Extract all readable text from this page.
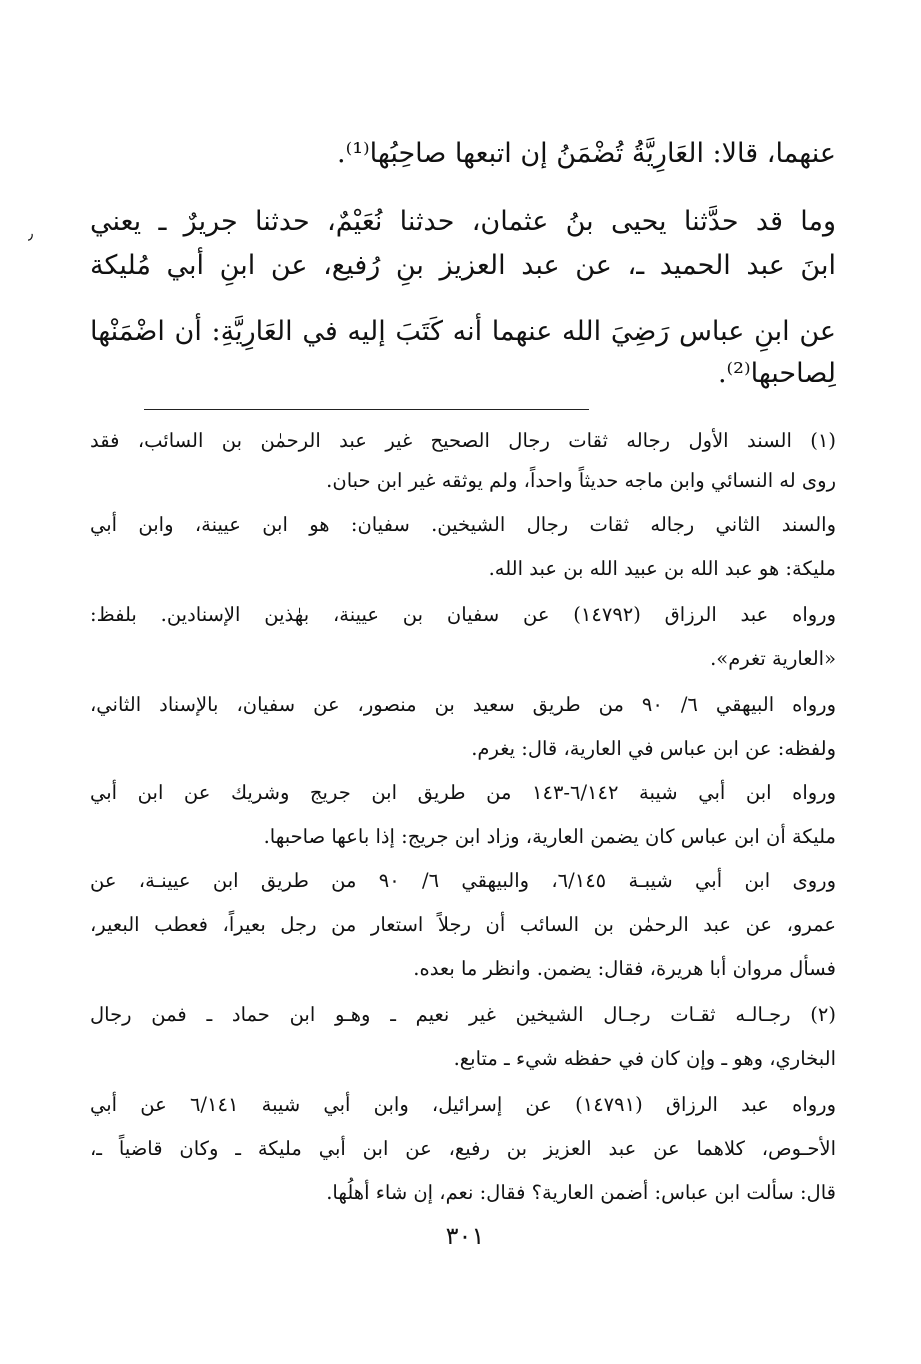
عنهما، قالا: العَارِيَّةُ تُضْمَنُ إن اتبعها صاحِبُها⁽¹⁾.
وما قد حدَّثنا يحيى بنُ عثمان، حدثنا نُعَيْمٌ، حدثنا جريرٌ ـ يعني
ابنَ عبد الحميد ـ، عن عبد العزيز بنِ رُفيع، عن ابنِ أبي مُليكة
عن ابنِ عباس رَضِيَ الله عنهما أنه كَتَبَ إليه في العَارِيَّةِ: أن اضْمَنْها
لِصاحبها⁽²⁾.
٫
(١) السند الأول رجاله ثقات رجال الصحيح غير عبد الرحمٰن بن السائب، فقد
روى له النسائي وابن ماجه حديثاً واحداً، ولم يوثقه غير ابن حبان.
والسند الثاني رجاله ثقات رجال الشيخين. سفيان: هو ابن عيينة، وابن أبي
مليكة: هو عبد الله بن عبيد الله بن عبد الله.
ورواه عبد الرزاق (١٤٧٩٢) عن سفيان بن عيينة، بهٰذين الإسنادين. بلفظ:
«العارية تغرم».
ورواه البيهقي ٦/ ٩٠ من طريق سعيد بن منصور، عن سفيان، بالإسناد الثاني،
ولفظه: عن ابن عباس في العارية، قال: يغرم.
ورواه ابن أبي شيبة ٦/١٤٢-١٤٣ من طريق ابن جريج وشريك عن ابن أبي
مليكة أن ابن عباس كان يضمن العارية، وزاد ابن جريج: إذا باعها صاحبها.
وروى ابن أبي شيبـة ٦/١٤٥، والبيهقي ٦/ ٩٠ من طريق ابن عيينـة، عن
عمرو، عن عبد الرحمٰن بن السائب أن رجلاً استعار من رجل بعيراً، فعطب البعير،
فسأل مروان أبا هريرة، فقال: يضمن. وانظر ما بعده.
(٢) رجـالـه ثقـات رجـال الشيخين غير نعيم ـ وهـو ابن حماد ـ فمن رجال
البخاري، وهو ـ وإن كان في حفظه شيء ـ متابع.
ورواه عبد الرزاق (١٤٧٩١) عن إسرائيل، وابن أبي شيبة ٦/١٤١ عن أبي
الأحـوص، كلاهما عن عبد العزيز بن رفيع، عن ابن أبي مليكة ـ وكان قاضياً ـ،
قال: سألت ابن عباس: أضمن العارية؟ فقال: نعم، إن شاء أهلُها.
٣٠١
